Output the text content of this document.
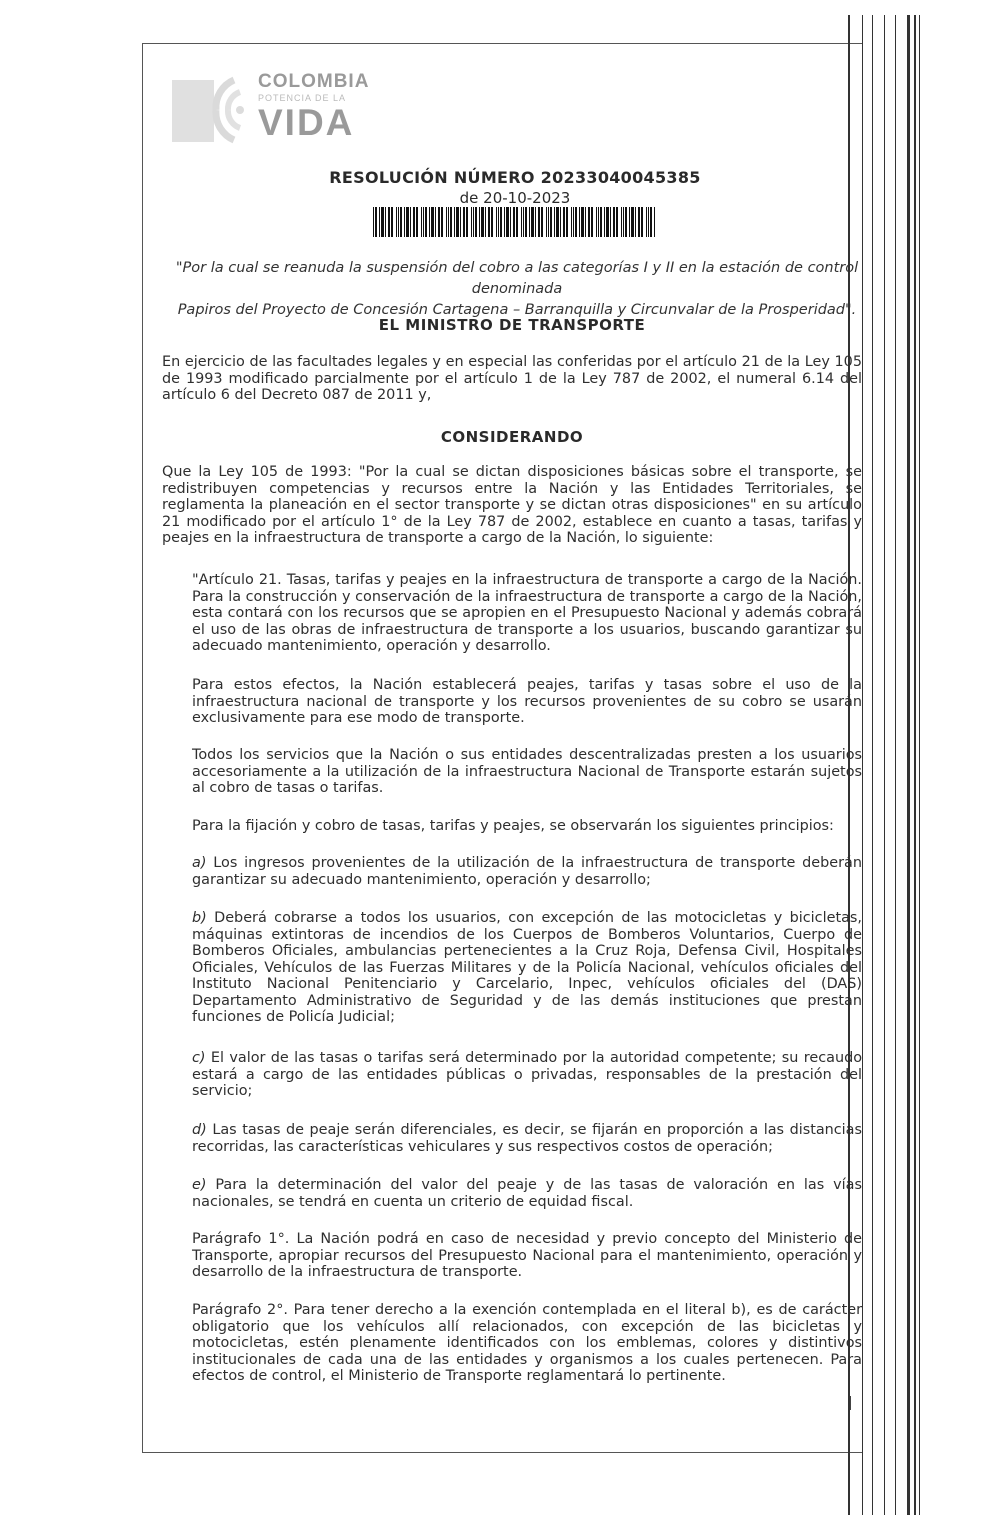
COLOMBIA
POTENCIA DE LA
VIDA
RESOLUCIÓN NÚMERO 20233040045385
de 20-10-2023
"Por la cual se reanuda la suspensión del cobro a las categorías I y II en la estación de control denominada
Papiros del Proyecto de Concesión Cartagena – Barranquilla y Circunvalar de la Prosperidad".
EL MINISTRO DE TRANSPORTE
En ejercicio de las facultades legales y en especial las conferidas por el artículo 21 de la Ley 105 de 1993 modificado parcialmente por el artículo 1 de la Ley 787 de 2002, el numeral 6.14 del artículo 6 del Decreto 087 de 2011 y,
CONSIDERANDO
Que la Ley 105 de 1993: "Por la cual se dictan disposiciones básicas sobre el transporte, se redistribuyen competencias y recursos entre la Nación y las Entidades Territoriales, se reglamenta la planeación en el sector transporte y se dictan otras disposiciones" en su artículo 21 modificado por el artículo 1° de la Ley 787 de 2002, establece en cuanto a tasas, tarifas y peajes en la infraestructura de transporte a cargo de la Nación, lo siguiente:
"Artículo 21. Tasas, tarifas y peajes en la infraestructura de transporte a cargo de la Nación. Para la construcción y conservación de la infraestructura de transporte a cargo de la Nación, esta contará con los recursos que se apropien en el Presupuesto Nacional y además cobrará el uso de las obras de infraestructura de transporte a los usuarios, buscando garantizar su adecuado mantenimiento, operación y desarrollo.
Para estos efectos, la Nación establecerá peajes, tarifas y tasas sobre el uso de la infraestructura nacional de transporte y los recursos provenientes de su cobro se usarán exclusivamente para ese modo de transporte.
Todos los servicios que la Nación o sus entidades descentralizadas presten a los usuarios accesoriamente a la utilización de la infraestructura Nacional de Transporte estarán sujetos al cobro de tasas o tarifas.
Para la fijación y cobro de tasas, tarifas y peajes, se observarán los siguientes principios:
a) Los ingresos provenientes de la utilización de la infraestructura de transporte deberán garantizar su adecuado mantenimiento, operación y desarrollo;
b) Deberá cobrarse a todos los usuarios, con excepción de las motocicletas y bicicletas, máquinas extintoras de incendios de los Cuerpos de Bomberos Voluntarios, Cuerpo de Bomberos Oficiales, ambulancias pertenecientes a la Cruz Roja, Defensa Civil, Hospitales Oficiales, Vehículos de las Fuerzas Militares y de la Policía Nacional, vehículos oficiales del Instituto Nacional Penitenciario y Carcelario, Inpec, vehículos oficiales del (DAS) Departamento Administrativo de Seguridad y de las demás instituciones que prestan funciones de Policía Judicial;
c) El valor de las tasas o tarifas será determinado por la autoridad competente; su recaudo estará a cargo de las entidades públicas o privadas, responsables de la prestación del servicio;
d) Las tasas de peaje serán diferenciales, es decir, se fijarán en proporción a las distancias recorridas, las características vehiculares y sus respectivos costos de operación;
e) Para la determinación del valor del peaje y de las tasas de valoración en las vías nacionales, se tendrá en cuenta un criterio de equidad fiscal.
Parágrafo 1°. La Nación podrá en caso de necesidad y previo concepto del Ministerio de Transporte, apropiar recursos del Presupuesto Nacional para el mantenimiento, operación y desarrollo de la infraestructura de transporte.
Parágrafo 2°. Para tener derecho a la exención contemplada en el literal b), es de carácter obligatorio que los vehículos allí relacionados, con excepción de las bicicletas y motocicletas, estén plenamente identificados con los emblemas, colores y distintivos institucionales de cada una de las entidades y organismos a los cuales pertenecen. Para efectos de control, el Ministerio de Transporte reglamentará lo pertinente.
